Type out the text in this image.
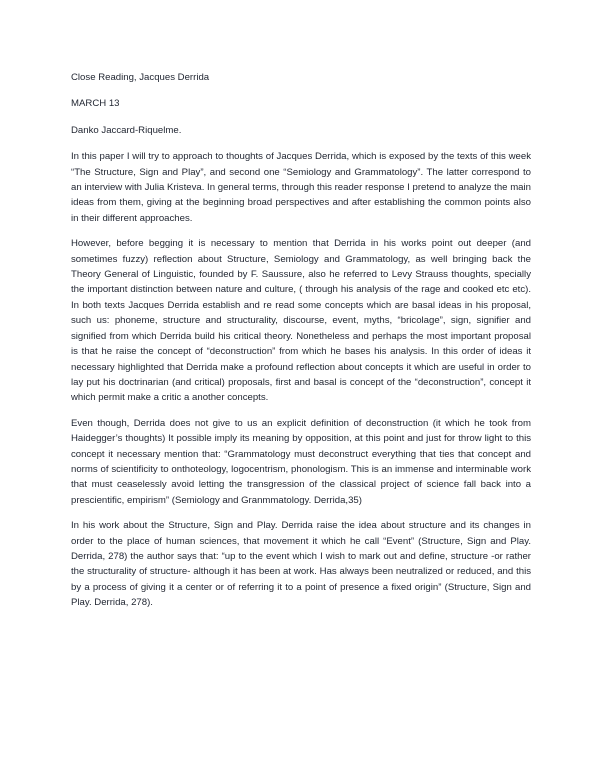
Close Reading, Jacques Derrida

MARCH 13

Danko Jaccard-Riquelme.

In this paper I will try to approach to thoughts of Jacques Derrida, which is exposed by the texts of this week “The Structure, Sign and Play”, and second one “Semiology and Grammatology”. The latter correspond to an interview with Julia Kristeva. In general terms, through this reader response I pretend to analyze the main ideas from them, giving at the beginning broad perspectives and after establishing the common points also in their different approaches.

However, before begging it is necessary to mention that Derrida in his works point out deeper (and sometimes fuzzy) reflection about Structure, Semiology and Grammatology, as well bringing back the Theory General of Linguistic, founded by F. Saussure, also he referred to Levy Strauss thoughts, specially the important distinction between nature and culture, ( through his analysis of the rage and cooked etc etc). In both texts Jacques Derrida establish and re read some concepts which are basal ideas in his proposal, such us: phoneme, structure and structurality, discourse, event, myths, “bricolage”, sign, signifier and signified from which Derrida build his critical theory. Nonetheless and perhaps the most important proposal is that he raise the concept of “deconstruction” from which he bases his analysis. In this order of ideas it necessary highlighted that Derrida make a profound reflection about concepts it which are useful in order to lay put his doctrinarian (and critical) proposals, first and basal is concept of the “deconstruction”, concept it which permit make a critic a another concepts.

Even though, Derrida does not give to us an explicit definition of deconstruction (it which he took from Haidegger’s thoughts) It possible imply its meaning by opposition, at this point and just for throw light to this concept it necessary mention that: “Grammatology must deconstruct everything that ties that concept and norms of scientificity to onthoteology, logocentrism, phonologism. This is an immense and interminable work that must ceaselessly avoid letting the transgression of the classical project of science fall back into a prescientific, empirism” (Semiology and Granmmatology. Derrida,35)

In his work about the Structure, Sign and Play. Derrida raise the idea about structure and its changes in order to the place of human sciences, that movement it which he call “Event” (Structure, Sign and Play. Derrida, 278) the author says that: “up to the event which I wish to mark out and define, structure -or rather the structurality of structure- although it has been at work. Has always been neutralized or reduced, and this by a process of giving it a center or of referring it to a point of presence a fixed origin” (Structure, Sign and Play. Derrida, 278).
